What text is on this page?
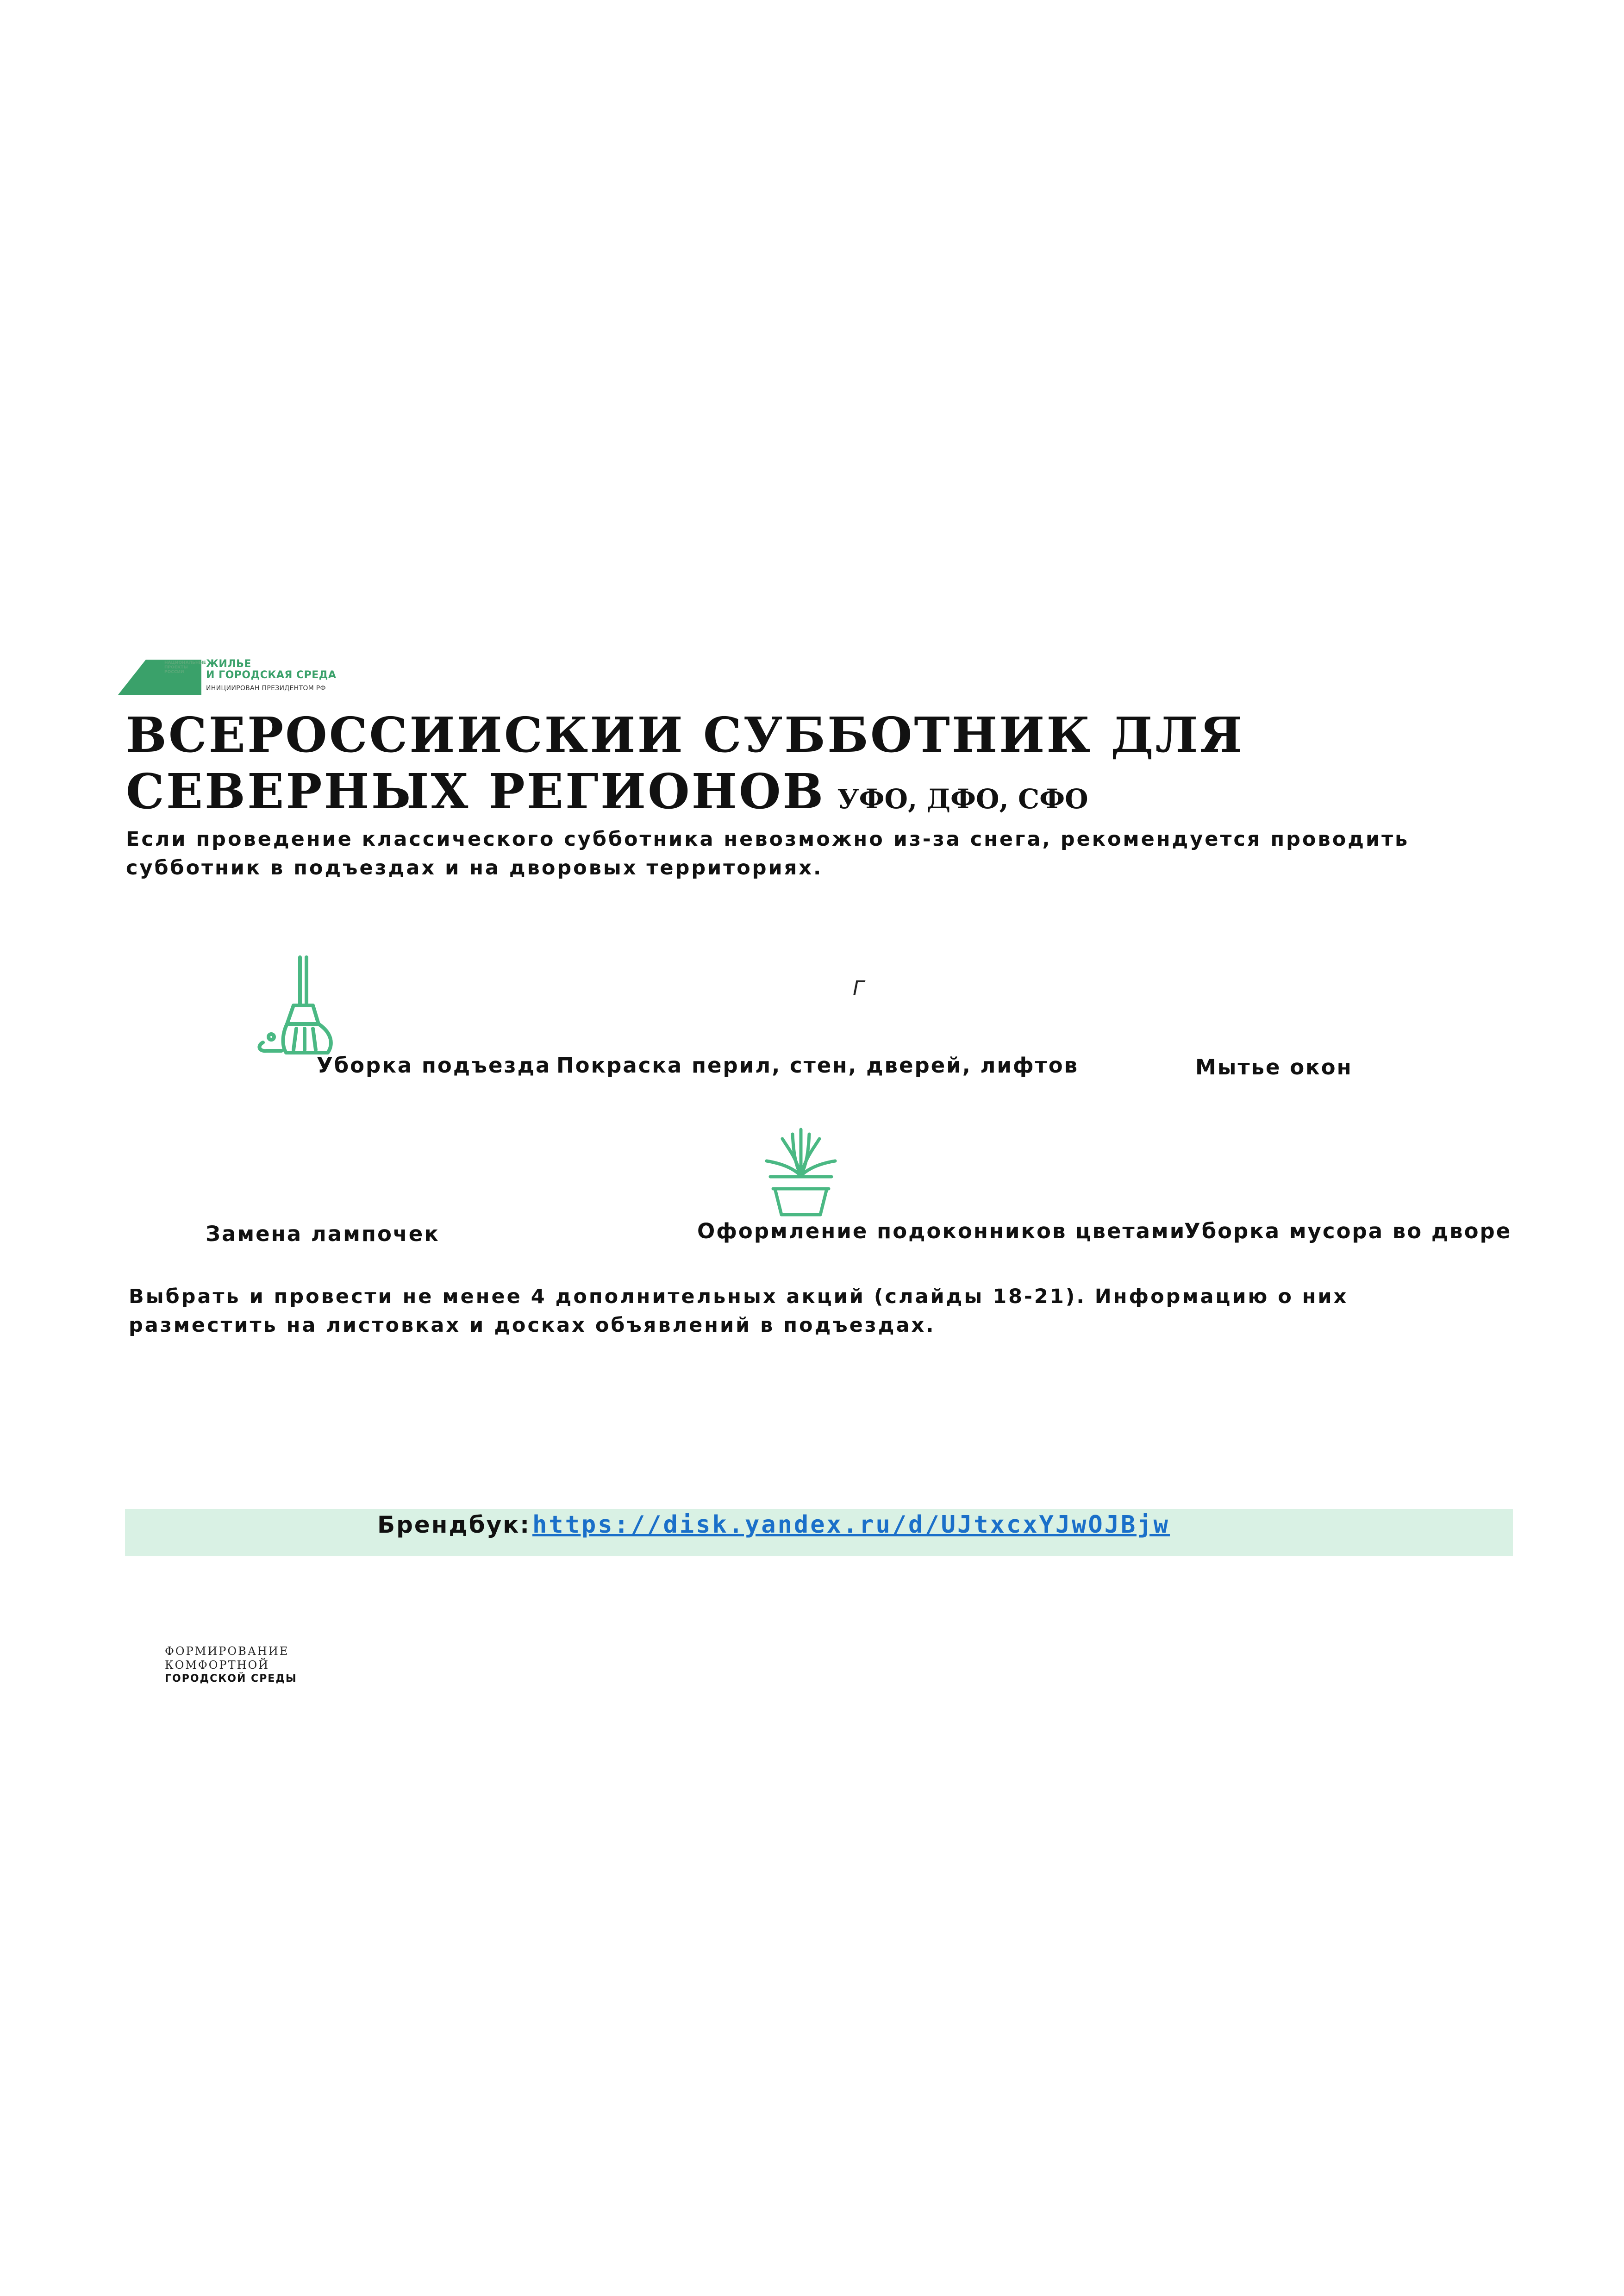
НАЦИОНАЛЬНЫЕ ПРОЕКТЫ РОССИИ
ЖИЛЬЕ
И ГОРОДСКАЯ СРЕДА
ИНИЦИИРОВАН ПРЕЗИДЕНТОМ РФ
ВСЕРОССИИСКИИ СУББОТНИК ДЛЯ
СЕВЕРНЫХ РЕГИОНОВ УФО, ДФО, СФО
Если проведение классического субботника невозможно из-за снега, рекомендуется проводить
субботник в подъездах и на дворовых территориях.
Г
Уборка подъезда Покраска перил, стен, дверей, лифтов	Мытье окон
Замена лампочек	Оформление подоконников цветами
Уборка мусора во дворе
Выбрать и провести не менее 4 дополнительных акций (слайды 18-21). Информацию о них
разместить на листовках и досках объявлений в подъездах.
Брендбук: https://disk.yandex.ru/d/UJtxcxYJwOJBjw
ФОРМИРОВАНИЕ
КОМФОРТНОЙ
ГОРОДСКОЙ СРЕДЫ
